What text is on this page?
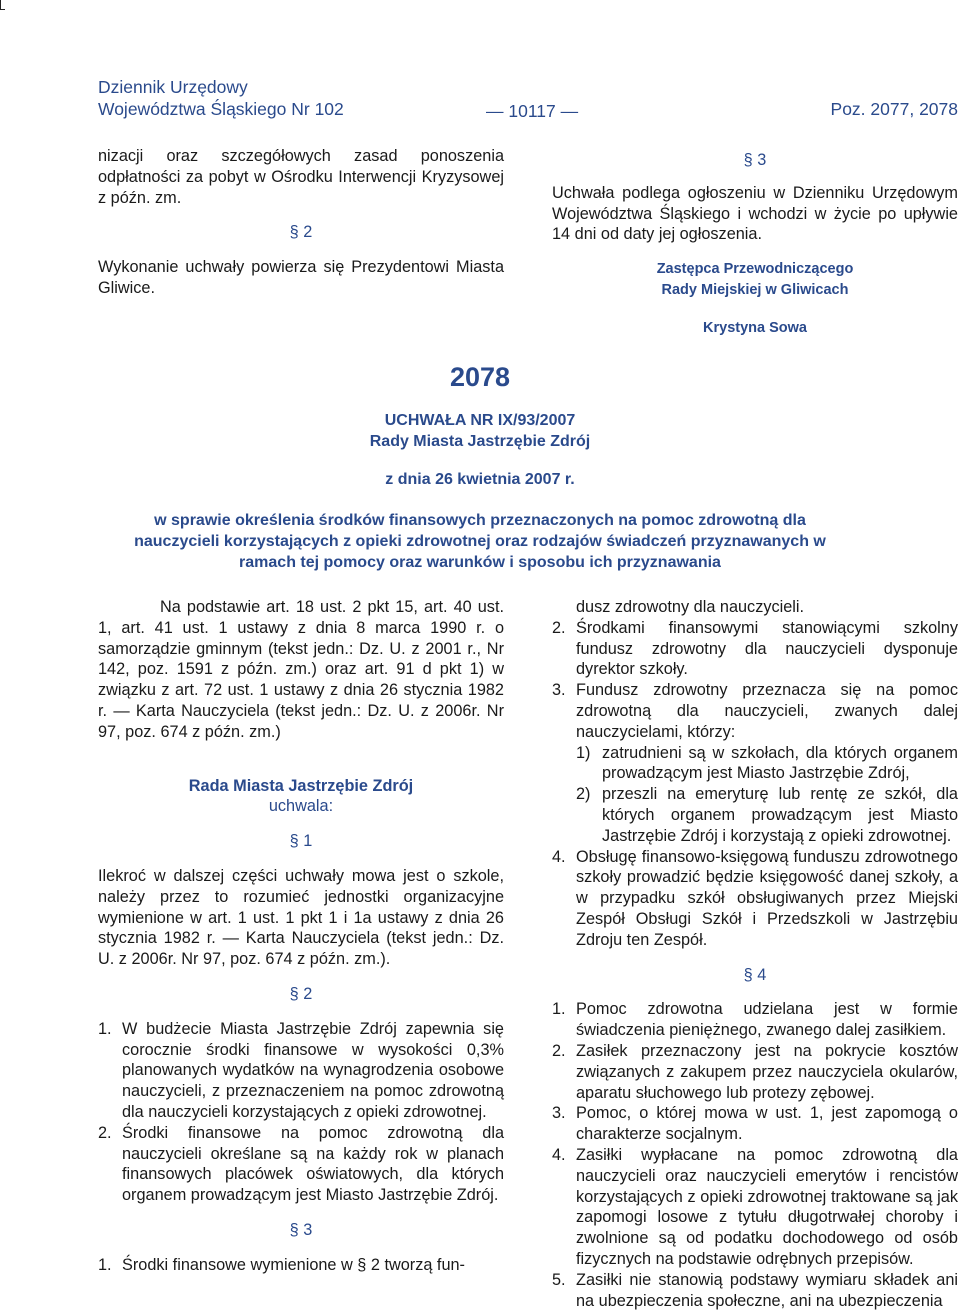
Dziennik Urzędowy
Województwa Śląskiego Nr 102	— 10117 —	Poz. 2077, 2078

nizacji oraz szczegółowych zasad ponoszenia odpłatności za pobyt w Ośrodku Interwencji Kryzysowej z późn. zm.

§ 2

Wykonanie uchwały powierza się Prezydentowi Miasta Gliwice.

§ 3

Uchwała podlega ogłoszeniu w Dzienniku Urzędowym Województwa Śląskiego i wchodzi w życie po upływie 14 dni od daty jej ogłoszenia.

Zastępca Przewodniczącego
Rady Miejskiej w Gliwicach
Krystyna Sowa
2078
UCHWAŁA NR IX/93/2007
Rady Miasta Jastrzębie Zdrój
z dnia 26 kwietnia 2007 r.
w sprawie określenia środków finansowych przeznaczonych na pomoc zdrowotną dla nauczycieli korzystających z opieki zdrowotnej oraz rodzajów świadczeń przyznawanych w ramach tej pomocy oraz warunków i sposobu ich przyznawania

Na podstawie art. 18 ust. 2 pkt 15, art. 40 ust. 1, art. 41 ust. 1 ustawy z dnia 8 marca 1990 r. o samorządzie gminnym (tekst jedn.: Dz. U. z 2001 r., Nr 142, poz. 1591 z późn. zm.) oraz art. 91 d pkt 1) w związku z art. 72 ust. 1 ustawy z dnia 26 stycznia 1982 r. — Karta Nauczyciela (tekst jedn.: Dz. U. z 2006r. Nr 97, poz. 674 z późn. zm.)

Rada Miasta Jastrzębie Zdrój

uchwala:

§ 1

Ilekroć w dalszej części uchwały mowa jest o szkole, należy przez to rozumieć jednostki organizacyjne wymienione w art. 1 ust. 1 pkt 1 i 1a ustawy z dnia 26 stycznia 1982 r. — Karta Nauczyciela (tekst jedn.: Dz. U. z 2006r. Nr 97, poz. 674 z późn. zm.).

§ 2

1. W budżecie Miasta Jastrzębie Zdrój zapewnia się corocznie środki finansowe w wysokości 0,3% planowanych wydatków na wynagrodzenia osobowe nauczycieli, z przeznaczeniem na pomoc zdrowotną dla nauczycieli korzystających z opieki zdrowotnej.
2. Środki finansowe na pomoc zdrowotną dla nauczycieli określane są na każdy rok w planach finansowych placówek oświatowych, dla których organem prowadzącym jest Miasto Jastrzębie Zdrój.

§ 3

1. Środki finansowe wymienione w § 2 tworzą fun-

dusz zdrowotny dla nauczycieli.

2. Środkami finansowymi stanowiącymi szkolny fundusz zdrowotny dla nauczycieli dysponuje dyrektor szkoły.
3. Fundusz zdrowotny przeznacza się na pomoc zdrowotną dla nauczycieli, zwanych dalej nauczycielami, którzy:
1) zatrudnieni są w szkołach, dla których organem prowadzącym jest Miasto Jastrzębie Zdrój,
2) przeszli na emeryturę lub rentę ze szkół, dla których organem prowadzącym jest Miasto Jastrzębie Zdrój i korzystają z opieki zdrowotnej.
4. Obsługę finansowo-księgową funduszu zdrowotnego szkoły prowadzić będzie księgowość danej szkoły, a w przypadku szkół obsługiwanych przez Miejski Zespół Obsługi Szkół i Przedszkoli w Jastrzębiu Zdroju ten Zespół.

§ 4

1. Pomoc zdrowotna udzielana jest w formie świadczenia pieniężnego, zwanego dalej zasiłkiem.
2. Zasiłek przeznaczony jest na pokrycie kosztów związanych z zakupem przez nauczyciela okularów, aparatu słuchowego lub protezy zębowej.
3. Pomoc, o której mowa w ust. 1, jest zapomogą o charakterze socjalnym.
4. Zasiłki wypłacane na pomoc zdrowotną dla nauczycieli oraz nauczycieli emerytów i rencistów korzystających z opieki zdrowotnej traktowane są jak zapomogi losowe z tytułu długotrwałej choroby i zwolnione są od podatku dochodowego od osób fizycznych na podstawie odrębnych przepisów.
5. Zasiłki nie stanowią podstawy wymiaru składek ani na ubezpieczenia społeczne, ani na ubezpieczenia
